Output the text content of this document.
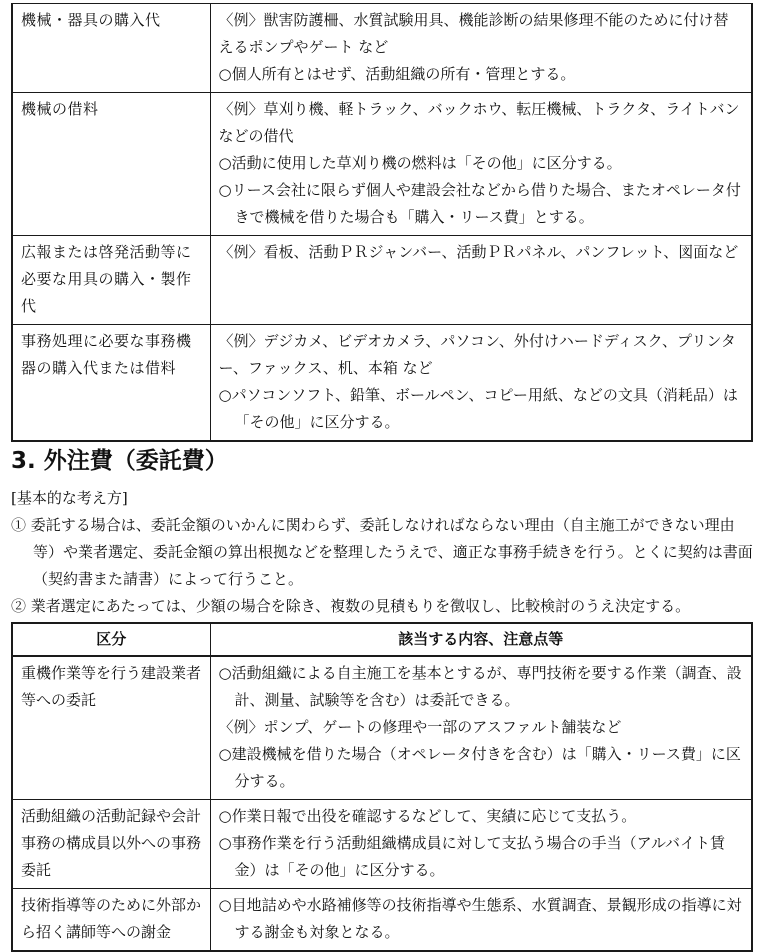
機械・器具の購入代	〈例〉獣害防護柵、水質試験用具、機能診断の結果修理不能のために付け替えるポンプやゲート など

○個人所有とはせず、活動組織の所有・管理とする。

機械の借料	〈例〉草刈り機、軽トラック、バックホウ、転圧機械、トラクタ、ライトバン　などの借代

○活動に使用した草刈り機の燃料は「その他」に区分する。

○リース会社に限らず個人や建設会社などから借りた場合、またオペレータ付きで機械を借りた場合も「購入・リース費」とする。

広報または啓発活動等に必要な用具の購入・製作代	〈例〉看板、活動ＰＲジャンバー、活動ＰＲパネル、パンフレット、図面など

事務処理に必要な事務機器の購入代または借料	〈例〉デジカメ、ビデオカメラ、パソコン、外付けハードディスク、プリンター、ファックス、机、本箱 など

○パソコンソフト、鉛筆、ボールペン、コピー用紙、などの文具（消耗品）は「その他」に区分する。

3. 外注費（委託費）

[基本的な考え方]

① 委託する場合は、委託金額のいかんに関わらず、委託しなければならない理由（自主施工ができない理由等）や業者選定、委託金額の算出根拠などを整理したうえで、適正な事務手続きを行う。とくに契約は書面（契約書また請書）によって行うこと。

② 業者選定にあたっては、少額の場合を除き、複数の見積もりを徴収し、比較検討のうえ決定する。

区分	該当する内容、注意点等
重機作業等を行う建設業者等への委託	○活動組織による自主施工を基本とするが、専門技術を要する作業（調査、設計、測量、試験等を含む）は委託できる。

〈例〉ポンプ、ゲートの修理や一部のアスファルト舗装など

○建設機械を借りた場合（オペレータ付きを含む）は「購入・リース費」に区分する。

活動組織の活動記録や会計事務の構成員以外への事務委託	○作業日報で出役を確認するなどして、実績に応じて支払う。

○事務作業を行う活動組織構成員に対して支払う場合の手当（アルバイト賃金）は「その他」に区分する。

技術指導等のために外部から招く講師等への謝金	○目地詰めや水路補修等の技術指導や生態系、水質調査、景観形成の指導に対する謝金も対象となる。
